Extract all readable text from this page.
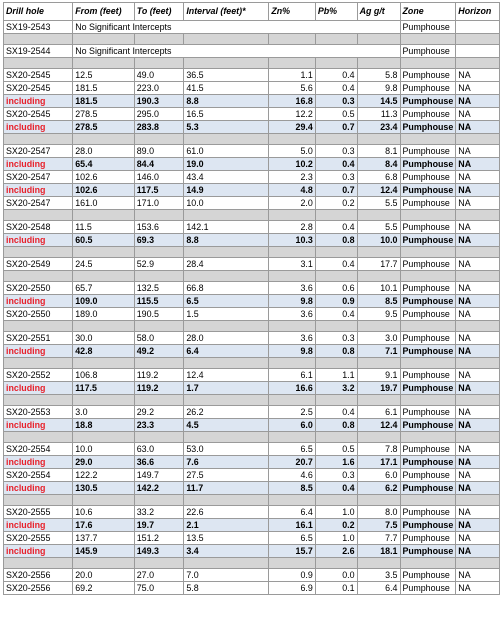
Drill hole	From (feet)	To (feet)	Interval (feet)*	Zn%	Pb%	Ag g/t	Zone	Horizon
SX19-2543	No Significant Intercepts						Pumphouse	

SX19-2544	No Significant Intercepts						Pumphouse	

SX20-2545	12.5	49.0	36.5	1.1	0.4	5.8	Pumphouse	NA
SX20-2545	181.5	223.0	41.5	5.6	0.4	9.8	Pumphouse	NA
including	181.5	190.3	8.8	16.8	0.3	14.5	Pumphouse	NA
SX20-2545	278.5	295.0	16.5	12.2	0.5	11.3	Pumphouse	NA
including	278.5	283.8	5.3	29.4	0.7	23.4	Pumphouse	NA

SX20-2547	28.0	89.0	61.0	5.0	0.3	8.1	Pumphouse	NA
including	65.4	84.4	19.0	10.2	0.4	8.4	Pumphouse	NA
SX20-2547	102.6	146.0	43.4	2.3	0.3	6.8	Pumphouse	NA
including	102.6	117.5	14.9	4.8	0.7	12.4	Pumphouse	NA
SX20-2547	161.0	171.0	10.0	2.0	0.2	5.5	Pumphouse	NA

SX20-2548	11.5	153.6	142.1	2.8	0.4	5.5	Pumphouse	NA
including	60.5	69.3	8.8	10.3	0.8	10.0	Pumphouse	NA

SX20-2549	24.5	52.9	28.4	3.1	0.4	17.7	Pumphouse	NA

SX20-2550	65.7	132.5	66.8	3.6	0.6	10.1	Pumphouse	NA
including	109.0	115.5	6.5	9.8	0.9	8.5	Pumphouse	NA
SX20-2550	189.0	190.5	1.5	3.6	0.4	9.5	Pumphouse	NA

SX20-2551	30.0	58.0	28.0	3.6	0.3	3.0	Pumphouse	NA
including	42.8	49.2	6.4	9.8	0.8	7.1	Pumphouse	NA

SX20-2552	106.8	119.2	12.4	6.1	1.1	9.1	Pumphouse	NA
including	117.5	119.2	1.7	16.6	3.2	19.7	Pumphouse	NA

SX20-2553	3.0	29.2	26.2	2.5	0.4	6.1	Pumphouse	NA
including	18.8	23.3	4.5	6.0	0.8	12.4	Pumphouse	NA

SX20-2554	10.0	63.0	53.0	6.5	0.5	7.8	Pumphouse	NA
including	29.0	36.6	7.6	20.7	1.6	17.1	Pumphouse	NA
SX20-2554	122.2	149.7	27.5	4.6	0.3	6.0	Pumphouse	NA
including	130.5	142.2	11.7	8.5	0.4	6.2	Pumphouse	NA

SX20-2555	10.6	33.2	22.6	6.4	1.0	8.0	Pumphouse	NA
including	17.6	19.7	2.1	16.1	0.2	7.5	Pumphouse	NA
SX20-2555	137.7	151.2	13.5	6.5	1.0	7.7	Pumphouse	NA
including	145.9	149.3	3.4	15.7	2.6	18.1	Pumphouse	NA

SX20-2556	20.0	27.0	7.0	0.9	0.0	3.5	Pumphouse	NA
SX20-2556	69.2	75.0	5.8	6.9	0.1	6.4	Pumphouse	NA
